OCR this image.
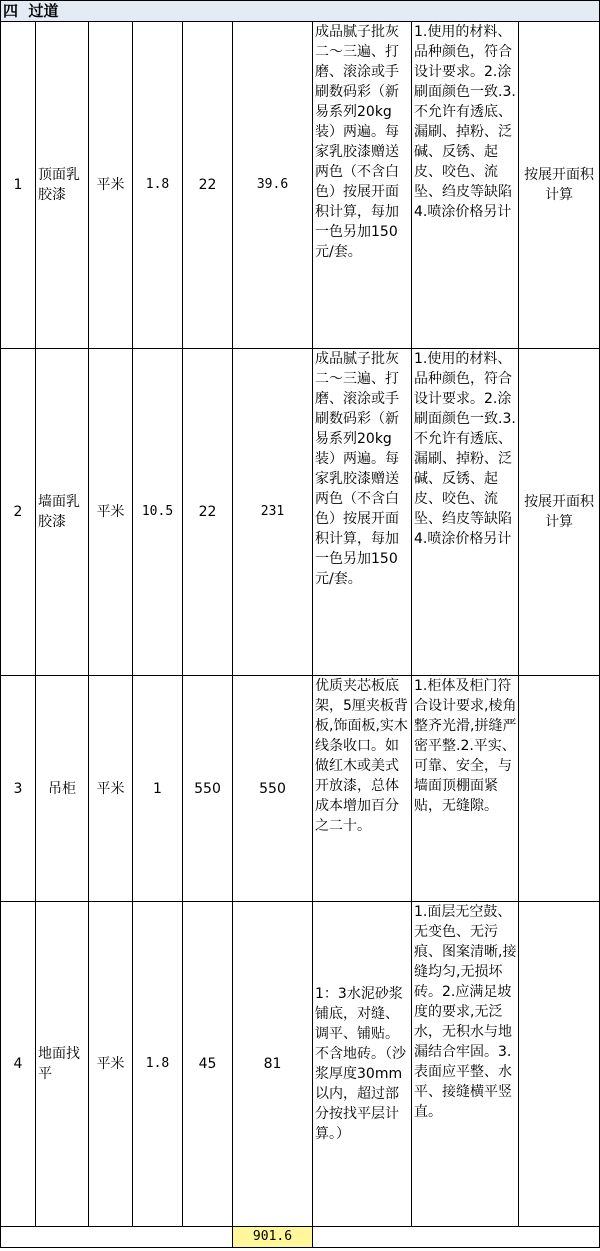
四 过道								
1	顶面乳胶漆	平米	1.8	22	39.6	成品腻子批灰二～三遍、打磨、滚涂或手刷数码彩（新易系列20kg装）两遍。每家乳胶漆赠送两色（不含白色）按展开面积计算，每加一色另加150元/套。	1.使用的材料、品种颜色，符合设计要求。2.涂刷面颜色一致.3.不允许有透底、漏刷、掉粉、泛碱、反锈、起皮、咬色、流坠、绉皮等缺陷　　4.喷涂价格另计	按展开面积计算
2	墙面乳胶漆	平米	10.5	22	231	成品腻子批灰二～三遍、打磨、滚涂或手刷数码彩（新易系列20kg装）两遍。每家乳胶漆赠送两色（不含白色）按展开面积计算，每加一色另加150元/套。	1.使用的材料、品种颜色，符合设计要求。2.涂刷面颜色一致.3.不允许有透底、漏刷、掉粉、泛碱、反锈、起皮、咬色、流坠、绉皮等缺陷　　4.喷涂价格另计	按展开面积计算
3	吊柜	平米	1	550	550	优质夹芯板底架，5厘夹板背板,饰面板,实木线条收口。如做红木或美式开放漆，总体成本增加百分之二十。	1.柜体及柜门符合设计要求,棱角整齐光滑,拼缝严密平整.2.平实、可靠、安全，与墙面顶棚面紧贴，无缝隙。	
4	地面找平	平米	1.8	45	81	1：3水泥砂浆铺底，对缝、调平、铺贴。不含地砖。（沙浆厚度30mm以内，超过部分按找平层计算。）	1.面层无空鼓、无变色、无污痕、图案清晰,接缝均匀,无损坏砖。2.应满足坡度的要求,无泛水，无积水与地漏结合牢固。3.表面应平整、水平、接缝横平竖直。	
					901.6			
